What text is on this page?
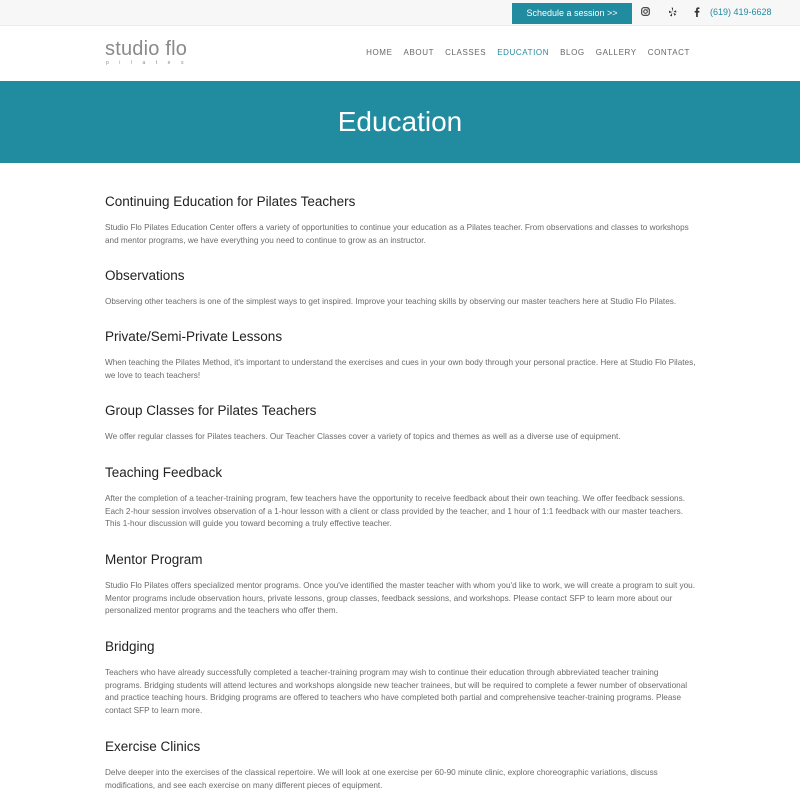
Schedule a session >>	(619) 419-6628
studio flo
pilates
HOME ABOUT CLASSES EDUCATION BLOG GALLERY CONTACT
Education
Continuing Education for Pilates Teachers

Studio Flo Pilates Education Center offers a variety of opportunities to continue your education as a Pilates teacher. From observations and classes to workshops and mentor programs, we have everything you need to continue to grow as an instructor.

Observations

Observing other teachers is one of the simplest ways to get inspired. Improve your teaching skills by observing our master teachers here at Studio Flo Pilates.

Private/Semi-Private Lessons

When teaching the Pilates Method, it's important to understand the exercises and cues in your own body through your personal practice. Here at Studio Flo Pilates, we love to teach teachers!

Group Classes for Pilates Teachers

We offer regular classes for Pilates teachers. Our Teacher Classes cover a variety of topics and themes as well as a diverse use of equipment.

Teaching Feedback

After the completion of a teacher-training program, few teachers have the opportunity to receive feedback about their own teaching. We offer feedback sessions. Each 2-hour session involves observation of a 1-hour lesson with a client or class provided by the teacher, and 1 hour of 1:1 feedback with our master teachers. This 1-hour discussion will guide you toward becoming a truly effective teacher.

Mentor Program

Studio Flo Pilates offers specialized mentor programs. Once you've identified the master teacher with whom you'd like to work, we will create a program to suit you. Mentor programs include observation hours, private lessons, group classes, feedback sessions, and workshops. Please contact SFP to learn more about our personalized mentor programs and the teachers who offer them.

Bridging

Teachers who have already successfully completed a teacher-training program may wish to continue their education through abbreviated teacher training programs. Bridging students will attend lectures and workshops alongside new teacher trainees, but will be required to complete a fewer number of observational and practice teaching hours. Bridging programs are offered to teachers who have completed both partial and comprehensive teacher-training programs. Please contact SFP to learn more.

Exercise Clinics

Delve deeper into the exercises of the classical repertoire. We will look at one exercise per 60-90 minute clinic, explore choreographic variations, discuss modifications, and see each exercise on many different pieces of equipment.
